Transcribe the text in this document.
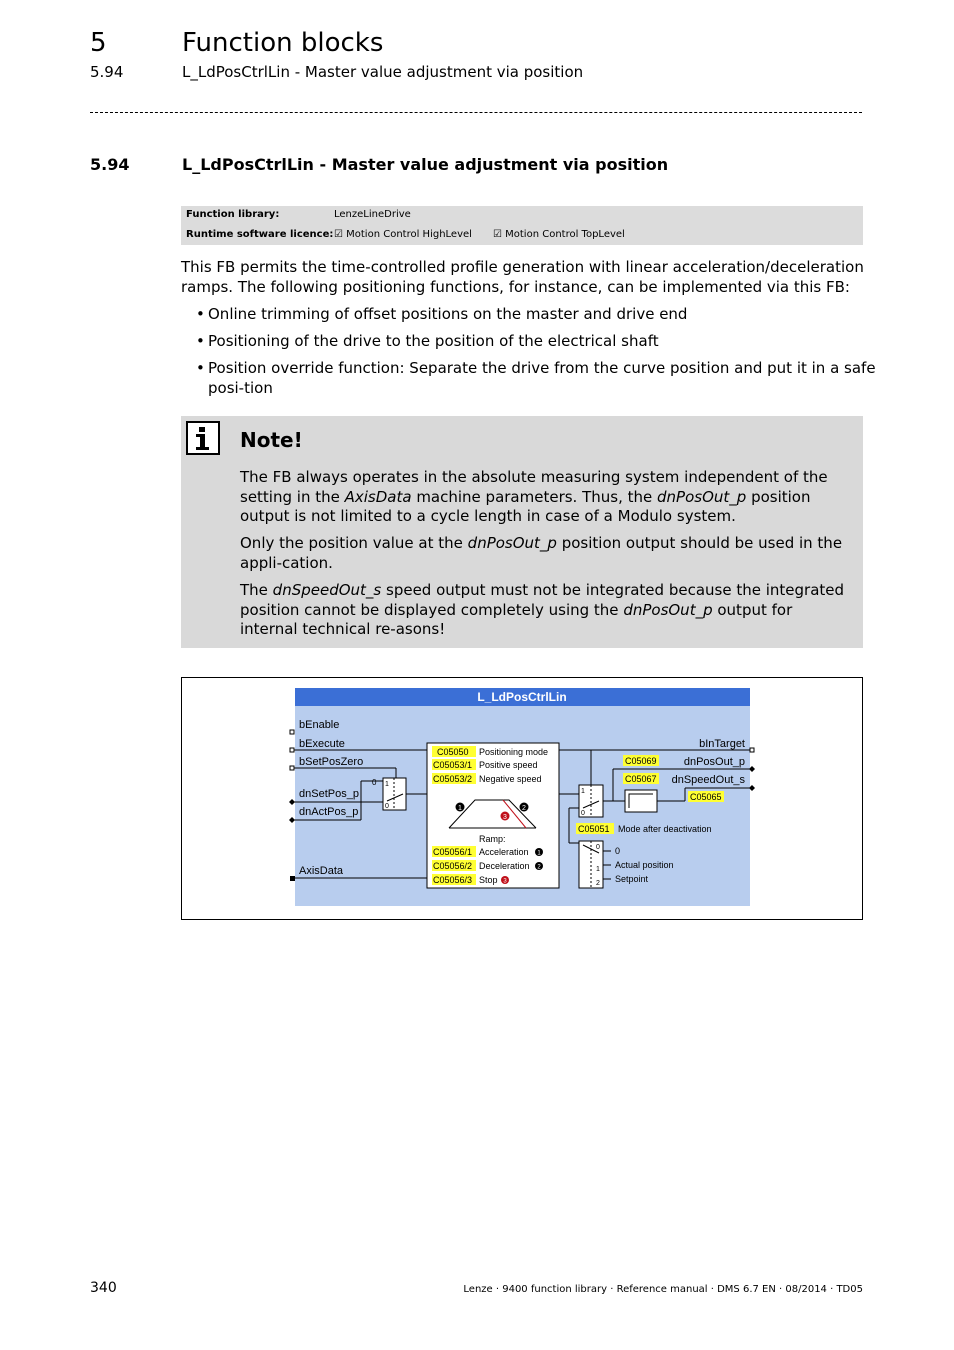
5	Function blocks
5.94	L_LdPosCtrlLin - Master value adjustment via position
5.94	L_LdPosCtrlLin - Master value adjustment via position
Function library:	LenzeLineDrive
Runtime software licence: ☑ Motion Control HighLevel ☑ Motion Control TopLevel
This FB permits the time-controlled profile generation with linear acceleration/deceleration ramps. The following positioning functions, for instance, can be implemented via this FB:
• Online trimming of offset positions on the master and drive end
• Positioning of the drive to the position of the electrical shaft
• Position override function: Separate the drive from the curve position and put it in a safe posi-tion
Note!
The FB always operates in the absolute measuring system independent of the setting in the AxisData machine parameters. Thus, the dnPosOut_p position output is not limited to a cycle length in case of a Modulo system.
Only the position value at the dnPosOut_p position output should be used in the appli-cation.
The dnSpeedOut_s speed output must not be integrated because the integrated position cannot be displayed completely using the dnPosOut_p output for internal technical re-asons!
L_LdPosCtrlLin
bEnable
bExecute
bSetPosZero
dnSetPos_p
dnActPos_p
AxisData
1
0
0
C05050 Positioning mode
C05053/1 Positive speed
C05053/2 Negative speed
1	2
3
Ramp:
C05056/1 Acceleration 1
C05056/2 Deceleration 2
C05056/3 Stop 3
1
0
0
1
2
0
Actual position
Setpoint
C05051 Mode after deactivation
C05069
C05067
C05065
bInTarget
dnPosOut_p
dnSpeedOut_s
340	Lenze · 9400 function library · Reference manual · DMS 6.7 EN · 08/2014 · TD05
